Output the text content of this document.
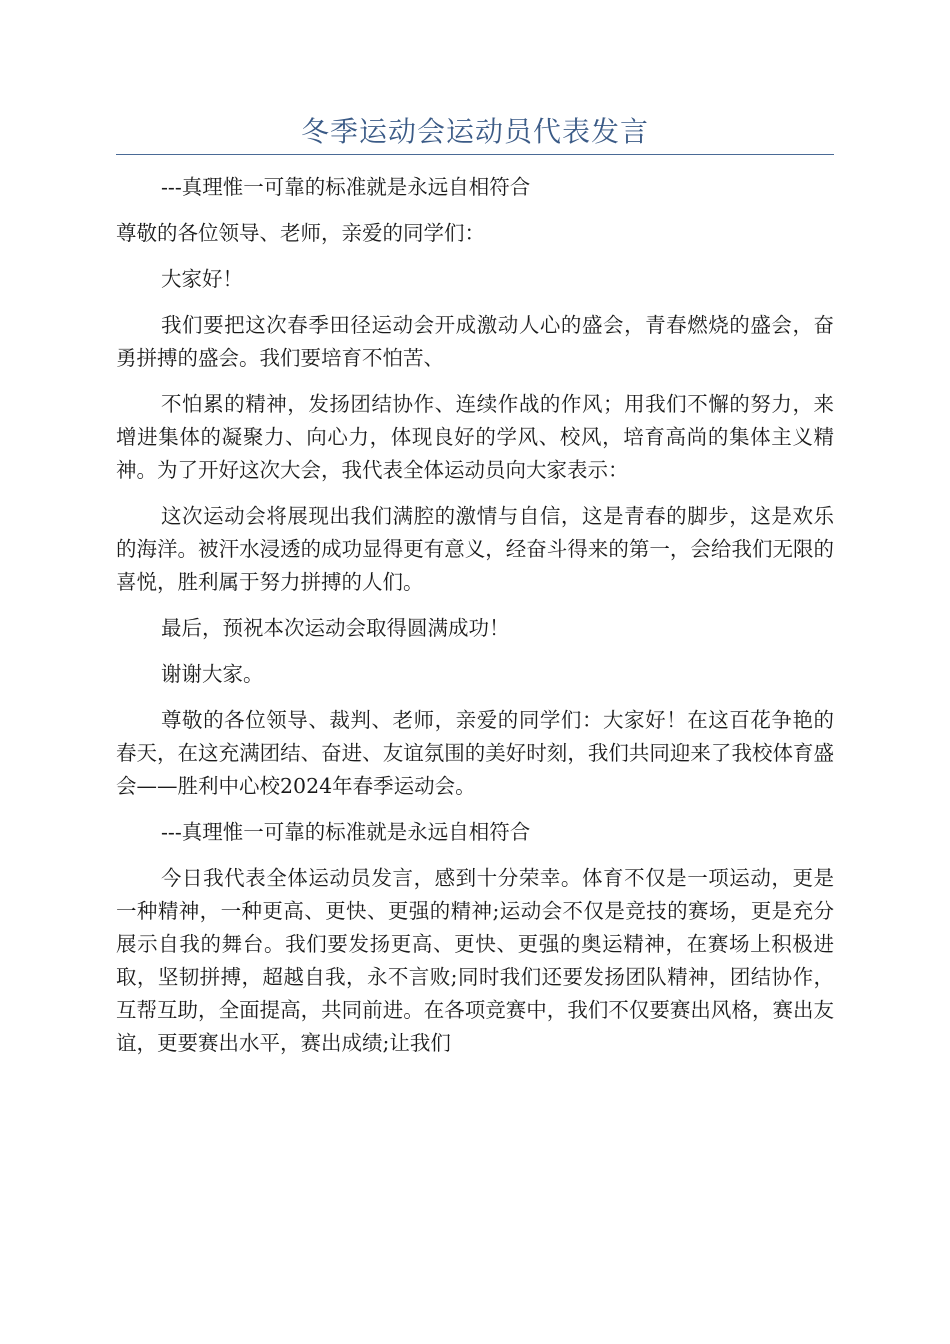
冬季运动会运动员代表发言

---真理惟一可靠的标准就是永远自相符合

尊敬的各位领导、老师，亲爱的同学们：

大家好！

我们要把这次春季田径运动会开成激动人心的盛会，青春燃烧的盛会，奋勇拼搏的盛会。我们要培育不怕苦、

不怕累的精神，发扬团结协作、连续作战的作风；用我们不懈的努力，来增进集体的凝聚力、向心力，体现良好的学风、校风，培育高尚的集体主义精神。为了开好这次大会，我代表全体运动员向大家表示：

这次运动会将展现出我们满腔的激情与自信，这是青春的脚步，这是欢乐的海洋。被汗水浸透的成功显得更有意义，经奋斗得来的第一，会给我们无限的喜悦，胜利属于努力拼搏的人们。

最后，预祝本次运动会取得圆满成功！

谢谢大家。

尊敬的各位领导、裁判、老师，亲爱的同学们：大家好！在这百花争艳的春天，在这充满团结、奋进、友谊氛围的美好时刻，我们共同迎来了我校体育盛会——胜利中心校2024年春季运动会。

---真理惟一可靠的标准就是永远自相符合

今日我代表全体运动员发言，感到十分荣幸。体育不仅是一项运动，更是一种精神，一种更高、更快、更强的精神;运动会不仅是竞技的赛场，更是充分展示自我的舞台。我们要发扬更高、更快、更强的奥运精神，在赛场上积极进取，坚韧拼搏，超越自我，永不言败;同时我们还要发扬团队精神，团结协作，互帮互助，全面提高，共同前进。在各项竞赛中，我们不仅要赛出风格，赛出友谊，更要赛出水平，赛出成绩;让我们
